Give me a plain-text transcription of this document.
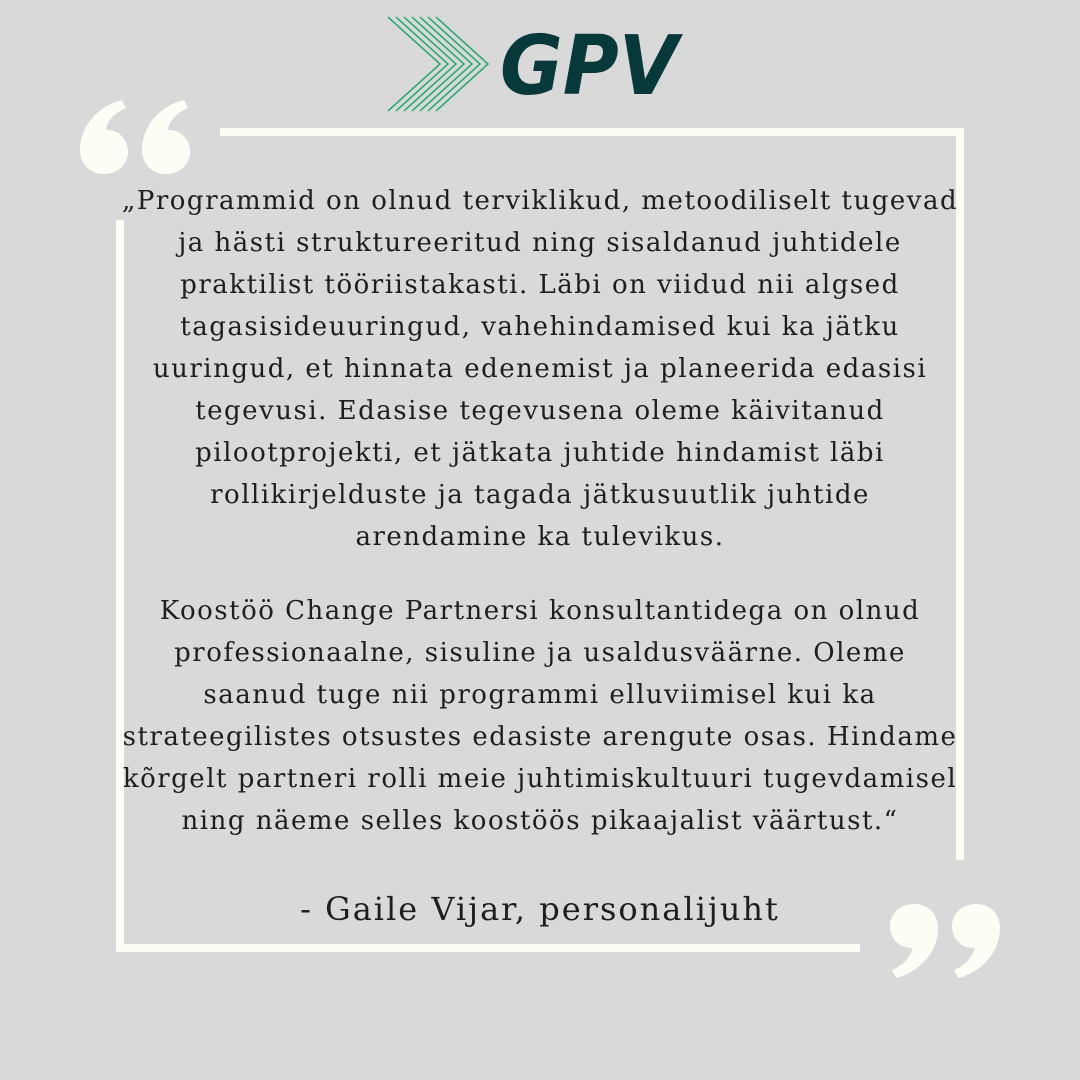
GPV

„Programmid on olnud terviklikud, metoodiliselt tugevad ja hästi struktureeritud ning sisaldanud juhtidele praktilist tööriistakasti. Läbi on viidud nii algsed tagasisideuuringud, vahehindamised kui ka jätku uuringud, et hinnata edenemist ja planeerida edasisi tegevusi. Edasise tegevusena oleme käivitanud pilootprojekti, et jätkata juhtide hindamist läbi rollikirjelduste ja tagada jätkusuutlik juhtide arendamine ka tulevikus.

Koostöö Change Partnersi konsultantidega on olnud professionaalne, sisuline ja usaldusväärne. Oleme saanud tuge nii programmi elluviimisel kui ka strateegilistes otsustes edasiste arengute osas. Hindame kõrgelt partneri rolli meie juhtimiskultuuri tugevdamisel ning näeme selles koostöös pikaajalist väärtust.“

- Gaile Vijar, personalijuht
